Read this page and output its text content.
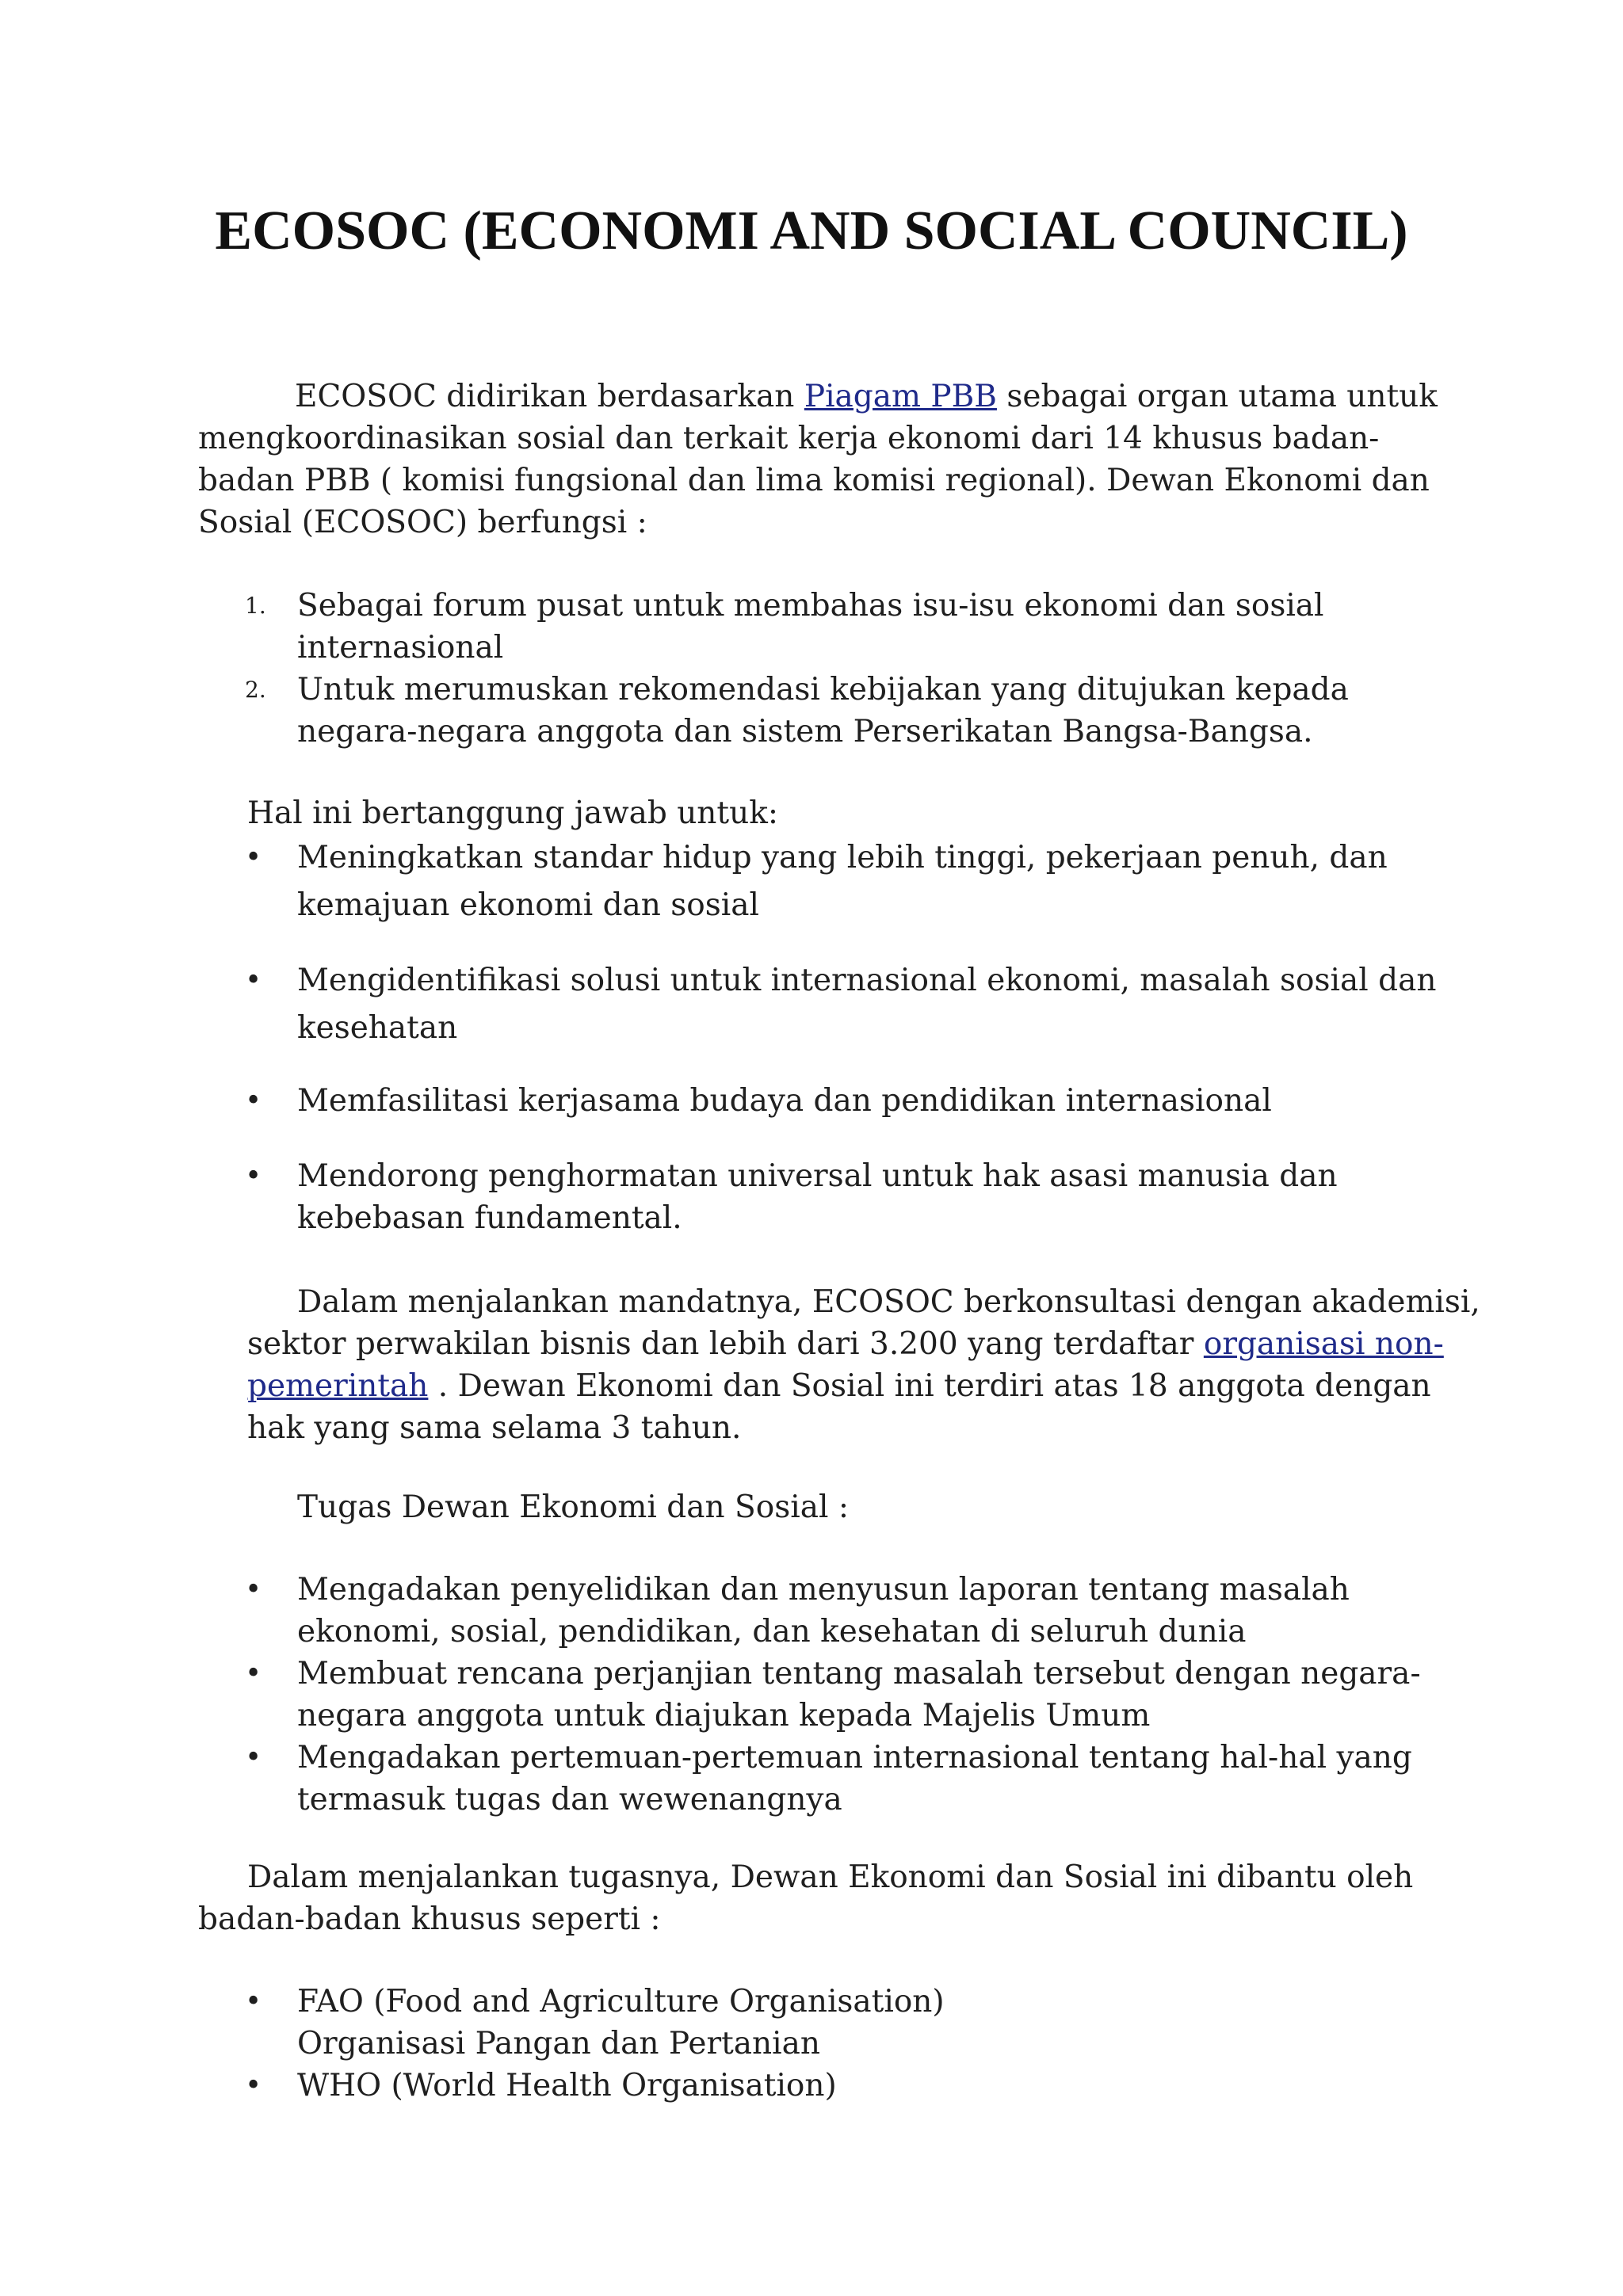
ECOSOC (ECONOMI AND SOCIAL COUNCIL)
ECOSOC didirikan berdasarkan Piagam PBB sebagai organ utama untuk
mengkoordinasikan sosial dan terkait kerja ekonomi dari 14 khusus badan-
badan PBB ( komisi fungsional dan lima komisi regional). Dewan Ekonomi dan
Sosial (ECOSOC) berfungsi :
1. Sebagai forum pusat untuk membahas isu-isu ekonomi dan sosial
internasional
2. Untuk merumuskan rekomendasi kebijakan yang ditujukan kepada
negara-negara anggota dan sistem Perserikatan Bangsa-Bangsa.
Hal ini bertanggung jawab untuk:
• Meningkatkan standar hidup yang lebih tinggi, pekerjaan penuh, dan
kemajuan ekonomi dan sosial
• Mengidentifikasi solusi untuk internasional ekonomi, masalah sosial dan
kesehatan
• Memfasilitasi kerjasama budaya dan pendidikan internasional
• Mendorong penghormatan universal untuk hak asasi manusia dan
kebebasan fundamental.
Dalam menjalankan mandatnya, ECOSOC berkonsultasi dengan akademisi,
sektor perwakilan bisnis dan lebih dari 3.200 yang terdaftar organisasi non-
pemerintah . Dewan Ekonomi dan Sosial ini terdiri atas 18 anggota dengan
hak yang sama selama 3 tahun.
Tugas Dewan Ekonomi dan Sosial :
• Mengadakan penyelidikan dan menyusun laporan tentang masalah
ekonomi, sosial, pendidikan, dan kesehatan di seluruh dunia
• Membuat rencana perjanjian tentang masalah tersebut dengan negara-
negara anggota untuk diajukan kepada Majelis Umum
• Mengadakan pertemuan-pertemuan internasional tentang hal-hal yang
termasuk tugas dan wewenangnya
Dalam menjalankan tugasnya, Dewan Ekonomi dan Sosial ini dibantu oleh
badan-badan khusus seperti :
• FAO (Food and Agriculture Organisation)
Organisasi Pangan dan Pertanian
• WHO (World Health Organisation)
